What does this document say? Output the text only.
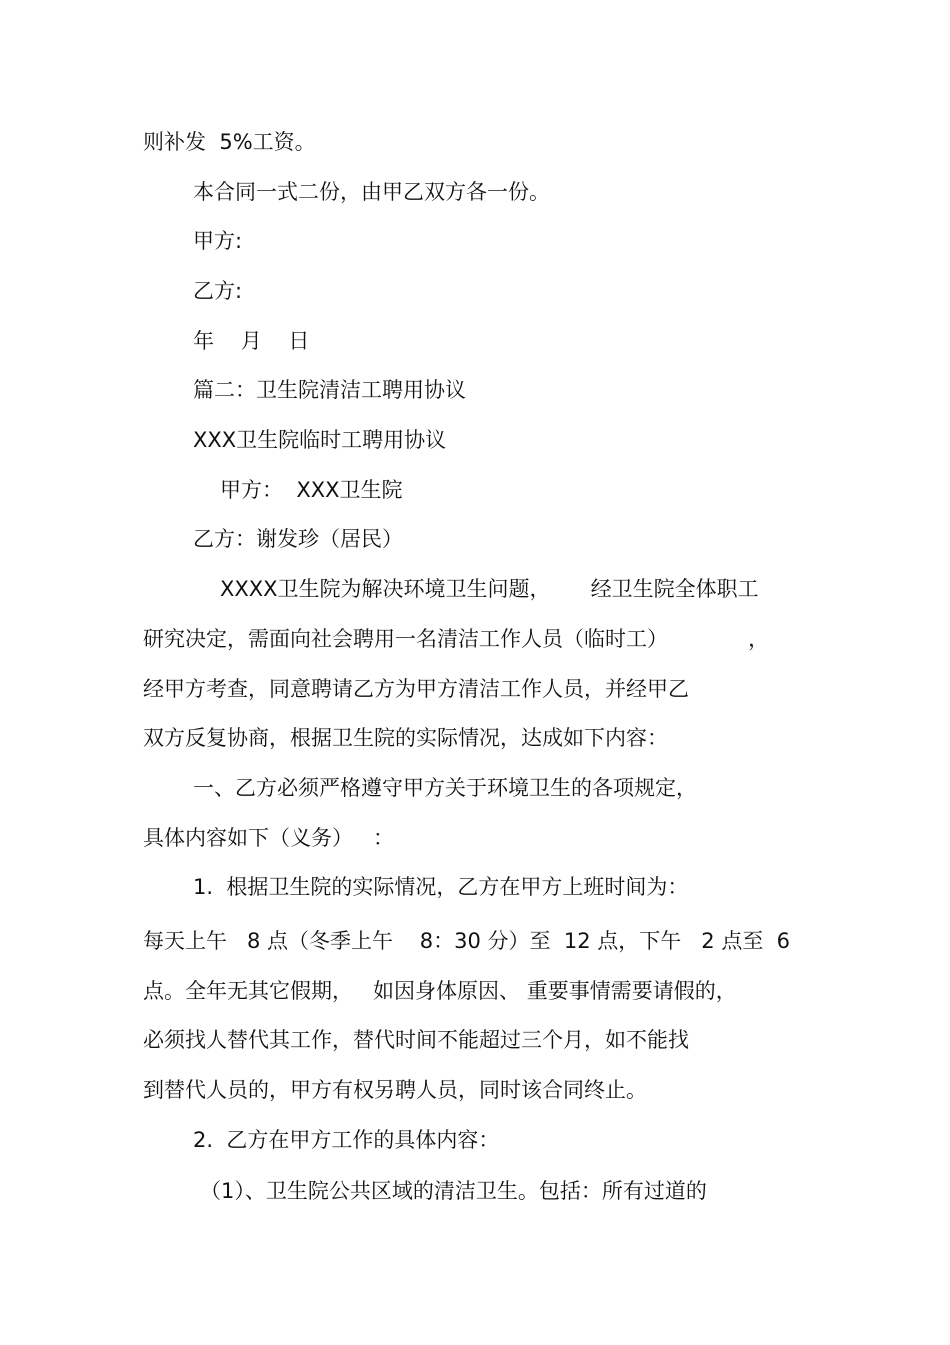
则补发  5%工资。

本合同一式二份，由甲乙双方各一份。

甲方:

乙方:

年    月    日

篇二：卫生院清洁工聘用协议

XXX卫生院临时工聘用协议

甲方：  XXX卫生院

乙方：谢发珍（居民）

XXXX卫生院为解决环境卫生问题，      经卫生院全体职工

研究决定，需面向社会聘用一名清洁工作人员（临时工）            ，

经甲方考查，同意聘请乙方为甲方清洁工作人员，并经甲乙

双方反复协商，根据卫生院的实际情况，达成如下内容：

一、乙方必须严格遵守甲方关于环境卫生的各项规定，

具体内容如下（义务）   ：

1.  根据卫生院的实际情况，乙方在甲方上班时间为：

每天上午   8 点（冬季上午    8：30 分）至  12 点，下午   2 点至  6

点。全年无其它假期，   如因身体原因、 重要事情需要请假的，

必须找人替代其工作，替代时间不能超过三个月，如不能找

到替代人员的，甲方有权另聘人员，同时该合同终止。

2.  乙方在甲方工作的具体内容：

（1）、卫生院公共区域的清洁卫生。包括：所有过道的
